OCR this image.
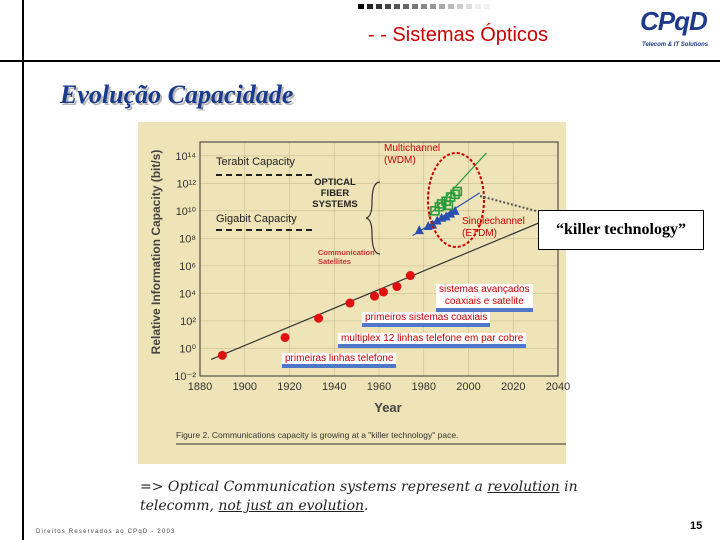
- - Sistemas Ópticos	CPqD
Telecom & IT Solutions
Evolução Capacidade
Relative Information Capacity (bit/s)
Year
10¹⁴
10¹²
10¹⁰
10⁸
10⁶
10⁴
10²
10⁰
10⁻²
1880 1900 1920 1940 1960 1980 2000 2020 2040
Figure 2. Communications capacity is growing at a "killer technology" pace.
Terabit Capacity
Gigabit Capacity
OPTICAL
FIBER
SYSTEMS
Multichannel
(WDM)
Singlechannel
(ETDM)
Communication
Satellites
“killer technology”
sistemas avançados
coaxiais e satelite
primeiros sistemas coaxiais
multiplex 12 linhas telefone em par cobre
primeiras linhas telefone
=> Optical Communication systems represent a revolution in telecomm, not just an evolution.
Direitos Reservados ao CPqD - 2003	15
